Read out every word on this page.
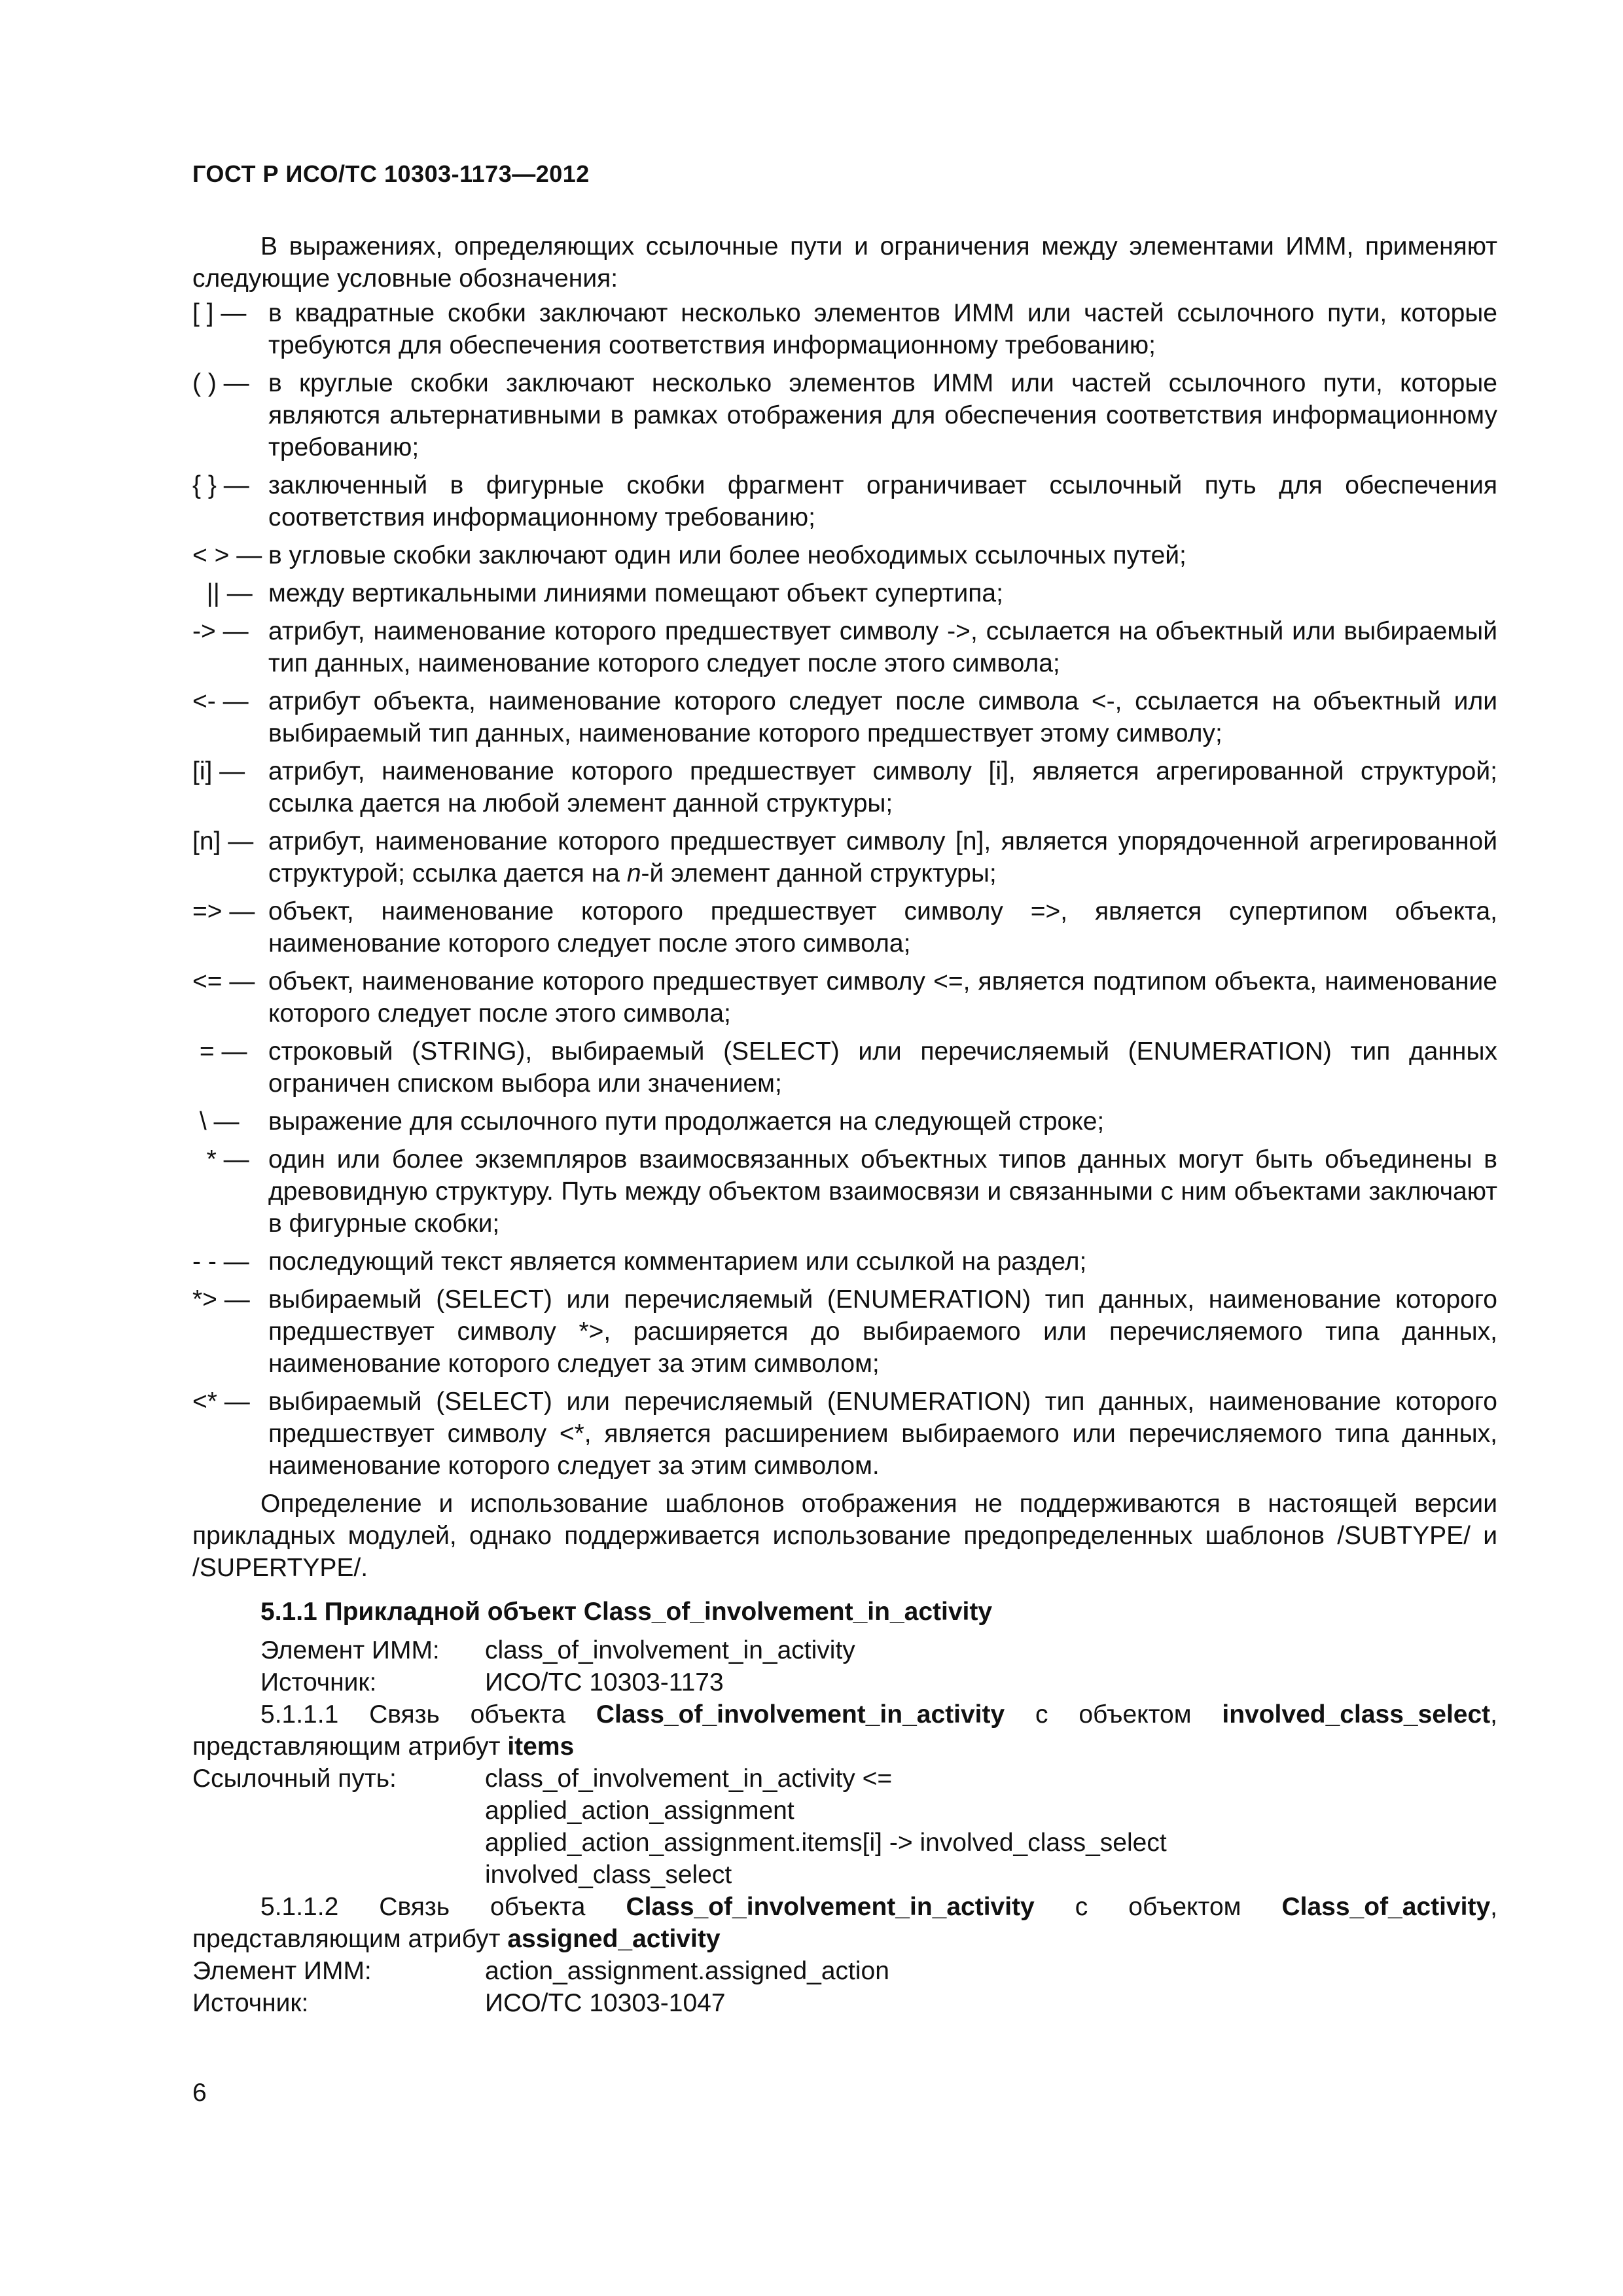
ГОСТ Р ИСО/ТС 10303-1173—2012

В выражениях, определяющих ссылочные пути и ограничения между элементами ИММ, применяют следующие условные обозначения:

[ ] — в квадратные скобки заключают несколько элементов ИММ или частей ссылочного пути, которые требуются для обеспечения соответствия информационному требованию;
( ) — в круглые скобки заключают несколько элементов ИММ или частей ссылочного пути, которые являются альтернативными в рамках отображения для обеспечения соответствия информационному требованию;
{ } — заключенный в фигурные скобки фрагмент ограничивает ссылочный путь для обеспечения соответствия информационному требованию;
< > — в угловые скобки заключают один или более необходимых ссылочных путей;
|| — между вертикальными линиями помещают объект супертипа;
-> — атрибут, наименование которого предшествует символу ->, ссылается на объектный или выбираемый тип данных, наименование которого следует после этого символа;
<- — атрибут объекта, наименование которого следует после символа <-, ссылается на объектный или выбираемый тип данных, наименование которого предшествует этому символу;
[i] — атрибут, наименование которого предшествует символу [i], является агрегированной структурой; ссылка дается на любой элемент данной структуры;
[n] — атрибут, наименование которого предшествует символу [n], является упорядоченной агрегированной структурой; ссылка дается на n-й элемент данной структуры;
=> — объект, наименование которого предшествует символу =>, является супертипом объекта, наименование которого следует после этого символа;
<= — объект, наименование которого предшествует символу <=, является подтипом объекта, наименование которого следует после этого символа;
= — строковый (STRING), выбираемый (SELECT) или перечисляемый (ENUMERATION) тип данных ограничен списком выбора или значением;
\ —	выражение для ссылочного пути продолжается на следующей строке;
* — один или более экземпляров взаимосвязанных объектных типов данных могут быть объединены в древовидную структуру. Путь между объектом взаимосвязи и связанными с ним объектами заключают в фигурные скобки;
- - — последующий текст является комментарием или ссылкой на раздел;
*> — выбираемый (SELECT) или перечисляемый (ENUMERATION) тип данных, наименование которого предшествует символу *>, расширяется до выбираемого или перечисляемого типа данных, наименование которого следует за этим символом;
<* — выбираемый (SELECT) или перечисляемый (ENUMERATION) тип данных, наименование которого предшествует символу <*, является расширением выбираемого или перечисляемого типа данных, наименование которого следует за этим символом.

Определение и использование шаблонов отображения не поддерживаются в настоящей версии прикладных модулей, однако поддерживается использование предопределенных шаблонов /SUBTYPE/ и /SUPERTYPE/.

5.1.1 Прикладной объект Class_of_involvement_in_activity
Элемент ИММ: class_of_involvement_in_activity
Источник:	ИСО/ТС 10303-1173

5.1.1.1 Связь объекта Class_of_involvement_in_activity с объектом involved_class_select, представляющим атрибут items

Ссылочный путь:	class_of_involvement_in_activity <=
applied_action_assignment
applied_action_assignment.items[i] -> involved_class_select
involved_class_select

5.1.1.2 Связь объекта Class_of_involvement_in_activity с объектом Class_of_activity, представляющим атрибут assigned_activity

Элемент ИММ:	action_assignment.assigned_action
Источник:	ИСО/ТС 10303-1047
6
